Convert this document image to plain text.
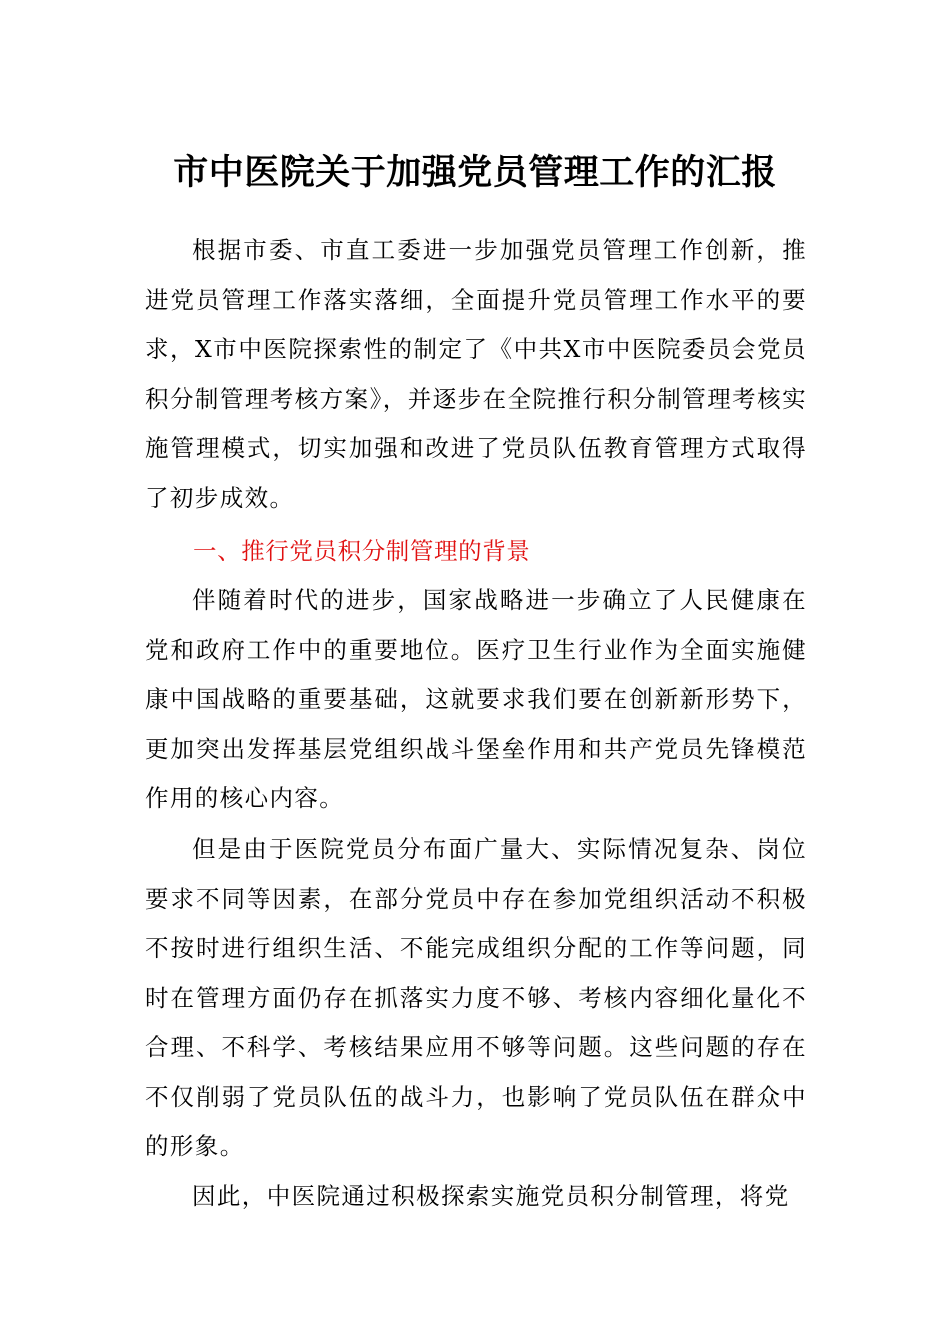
市中医院关于加强党员管理工作的汇报
根据市委、市直工委进一步加强党员管理工作创新，推进党员管理工作落实落细，全面提升党员管理工作水平的要求，X市中医院探索性的制定了《中共X市中医院委员会党员积分制管理考核方案》，并逐步在全院推行积分制管理考核实施管理模式，切实加强和改进了党员队伍教育管理方式取得了初步成效。
一、推行党员积分制管理的背景
伴随着时代的进步，国家战略进一步确立了人民健康在党和政府工作中的重要地位。医疗卫生行业作为全面实施健康中国战略的重要基础，这就要求我们要在创新新形势下，更加突出发挥基层党组织战斗堡垒作用和共产党员先锋模范作用的核心内容。
但是由于医院党员分布面广量大、实际情况复杂、岗位要求不同等因素，在部分党员中存在参加党组织活动不积极不按时进行组织生活、不能完成组织分配的工作等问题，同时在管理方面仍存在抓落实力度不够、考核内容细化量化不合理、不科学、考核结果应用不够等问题。这些问题的存在不仅削弱了党员队伍的战斗力，也影响了党员队伍在群众中的形象。
因此，中医院通过积极探索实施党员积分制管理，将党
